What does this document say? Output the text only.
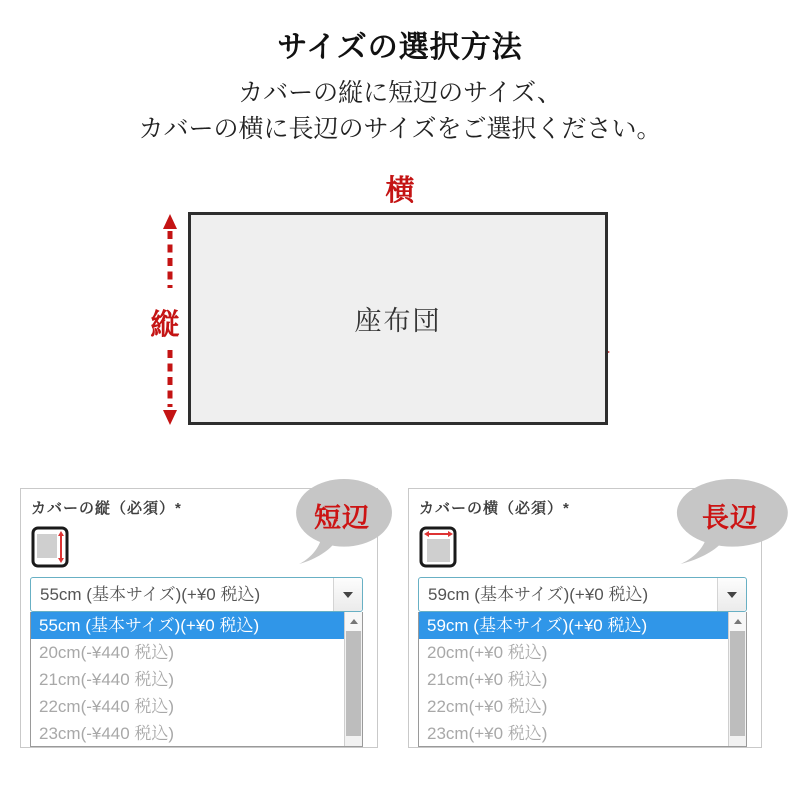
サイズの選択方法
カバーの縦に短辺のサイズ、
カバーの横に長辺のサイズをご選択ください。
横
縦	座布団
カバーの縦（必須）*	短辺
55cm (基本サイズ)(+¥0 税込)
55cm (基本サイズ)(+¥0 税込)
20cm(-¥440 税込)
21cm(-¥440 税込)
22cm(-¥440 税込)
23cm(-¥440 税込)
カバーの横（必須）*	長辺
59cm (基本サイズ)(+¥0 税込)
59cm (基本サイズ)(+¥0 税込)
20cm(+¥0 税込)
21cm(+¥0 税込)
22cm(+¥0 税込)
23cm(+¥0 税込)
